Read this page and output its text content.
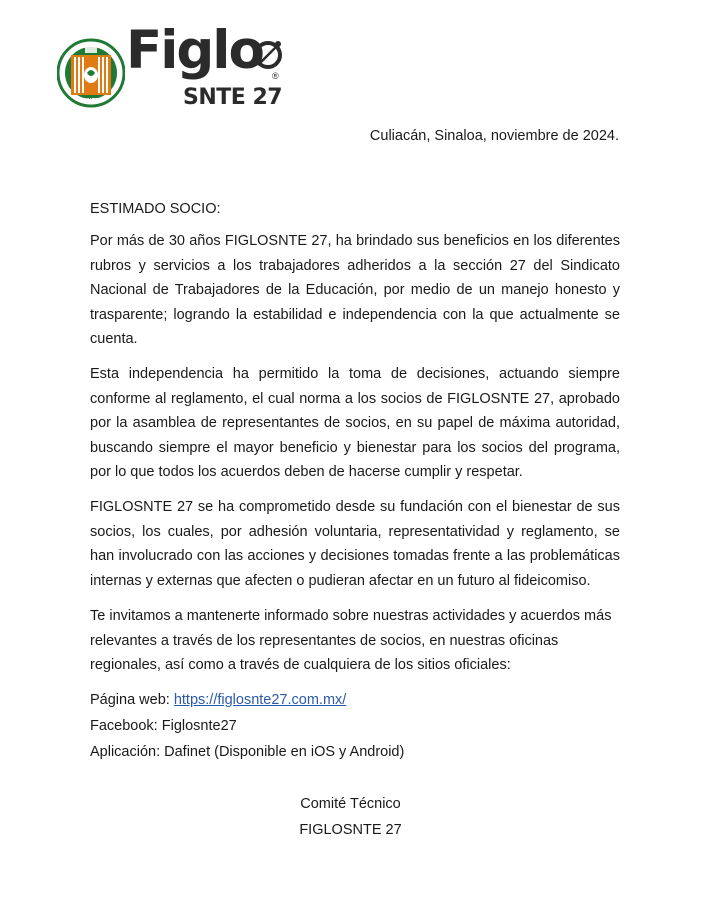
SNTE
Figlo ®
SNTE 27
Culiacán, Sinaloa, noviembre de 2024.
ESTIMADO SOCIO:
Por más de 30 años FIGLOSNTE 27, ha brindado sus beneficios en los diferentes rubros y servicios a los trabajadores adheridos a la sección 27 del Sindicato Nacional de Trabajadores de la Educación, por medio de un manejo honesto y trasparente; logrando la estabilidad e independencia con la que actualmente se cuenta.
Esta independencia ha permitido la toma de decisiones, actuando siempre conforme al reglamento, el cual norma a los socios de FIGLOSNTE 27, aprobado por la asamblea de representantes de socios, en su papel de máxima autoridad, buscando siempre el mayor beneficio y bienestar para los socios del programa, por lo que todos los acuerdos deben de hacerse cumplir y respetar.
FIGLOSNTE 27 se ha comprometido desde su fundación con el bienestar de sus socios, los cuales, por adhesión voluntaria, representatividad y reglamento, se han involucrado con las acciones y decisiones tomadas frente a las problemáticas internas y externas que afecten o pudieran afectar en un futuro al fideicomiso.
Te invitamos a mantenerte informado sobre nuestras actividades y acuerdos más relevantes a través de los representantes de socios, en nuestras oficinas regionales, así como a través de cualquiera de los sitios oficiales:
Página web: https://figlosnte27.com.mx/
Facebook: Figlosnte27
Aplicación: Dafinet (Disponible en iOS y Android)
Comité Técnico
FIGLOSNTE 27
